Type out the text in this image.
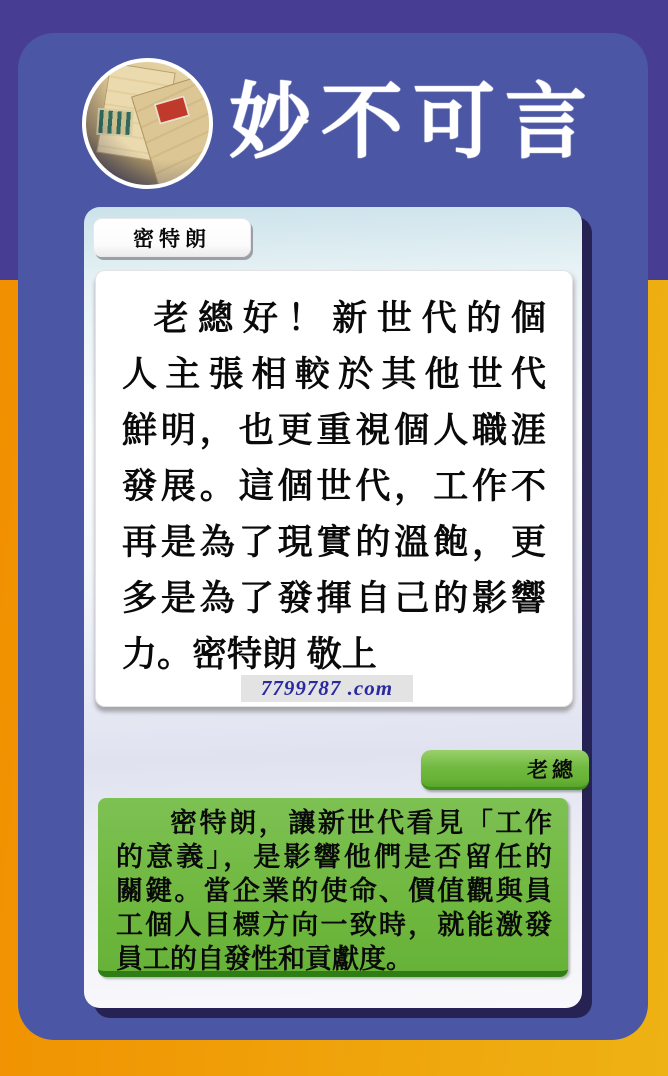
妙不可言
密特朗
老總好！新世代的個
人主張相較於其他世代
鮮明，也更重視個人職涯
發展。這個世代，工作不
再是為了現實的溫飽，更
多是為了發揮自己的影響
力。密特朗 敬上
7799787 .com
老總
密特朗，讓新世代看見「工作
的意義」，是影響他們是否留任的
關鍵。當企業的使命、價值觀與員
工個人目標方向一致時，就能激發
員工的自發性和貢獻度。
